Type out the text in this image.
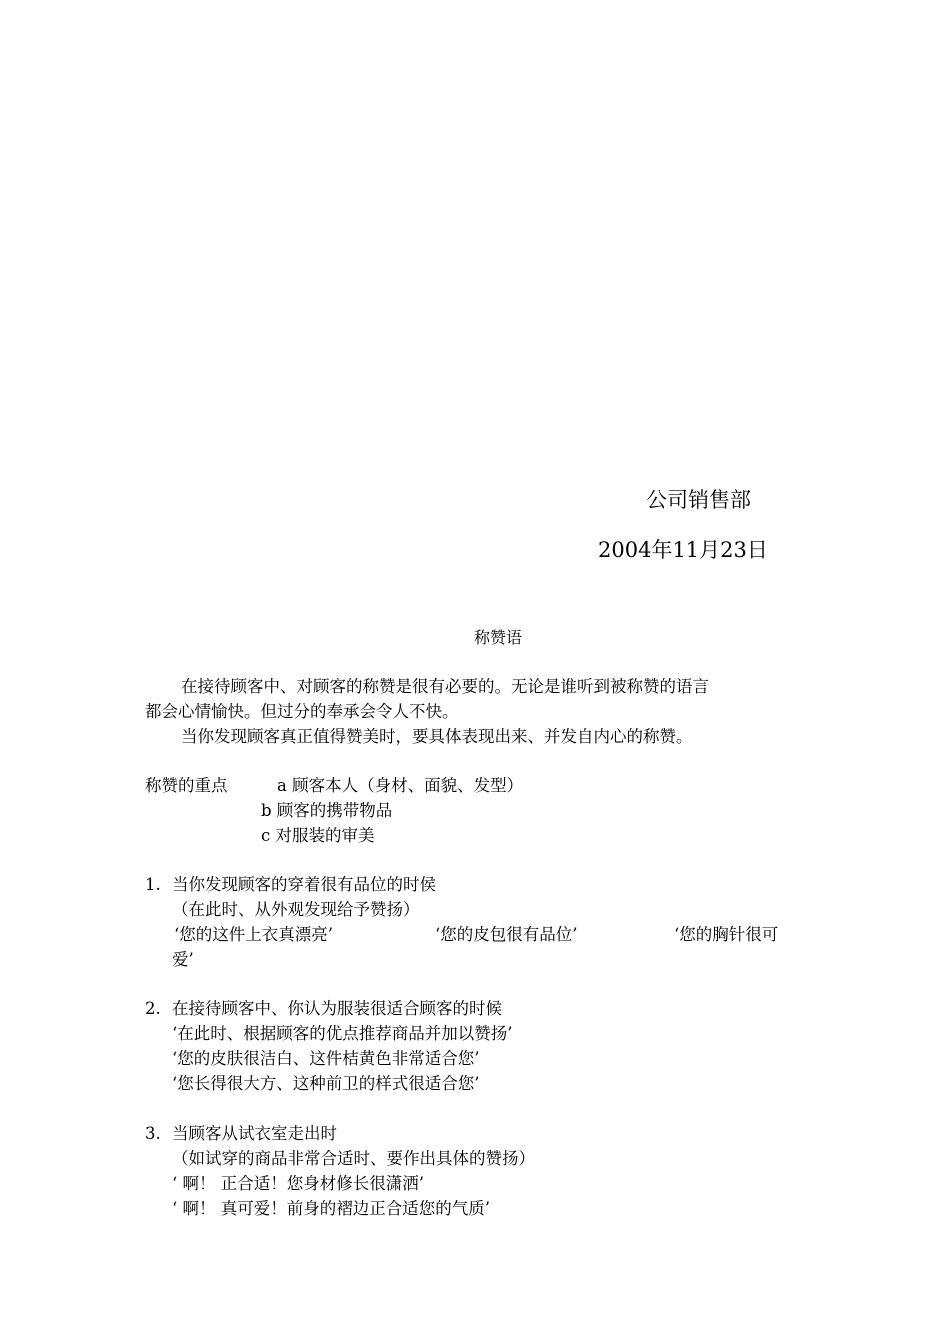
公司销售部
2004年11月23日
称赞语
在接待顾客中、对顾客的称赞是很有必要的。无论是谁听到被称赞的语言
都会心情愉快。但过分的奉承会令人不快。
当你发现顾客真正值得赞美时，要具体表现出来、并发自内心的称赞。
称赞的重点	a 顾客本人（身材、面貌、发型）
b 顾客的携带物品
c 对服装的审美
1. 当你发现顾客的穿着很有品位的时侯
（在此时、从外观发现给予赞扬）
‘您的这件上衣真漂亮’	‘您的皮包很有品位’	‘您的胸针很可
爱’
2. 在接待顾客中、你认为服装很适合顾客的时候
‘在此时、根据顾客的优点推荐商品并加以赞扬’
‘您的皮肤很洁白、这件桔黄色非常适合您’
‘您长得很大方、这种前卫的样式很适合您’
3. 当顾客从试衣室走出时
（如试穿的商品非常合适时、要作出具体的赞扬）
‘ 啊！ 正合适！您身材修长很潇洒’
‘ 啊！ 真可爱！前身的褶边正合适您的气质’
